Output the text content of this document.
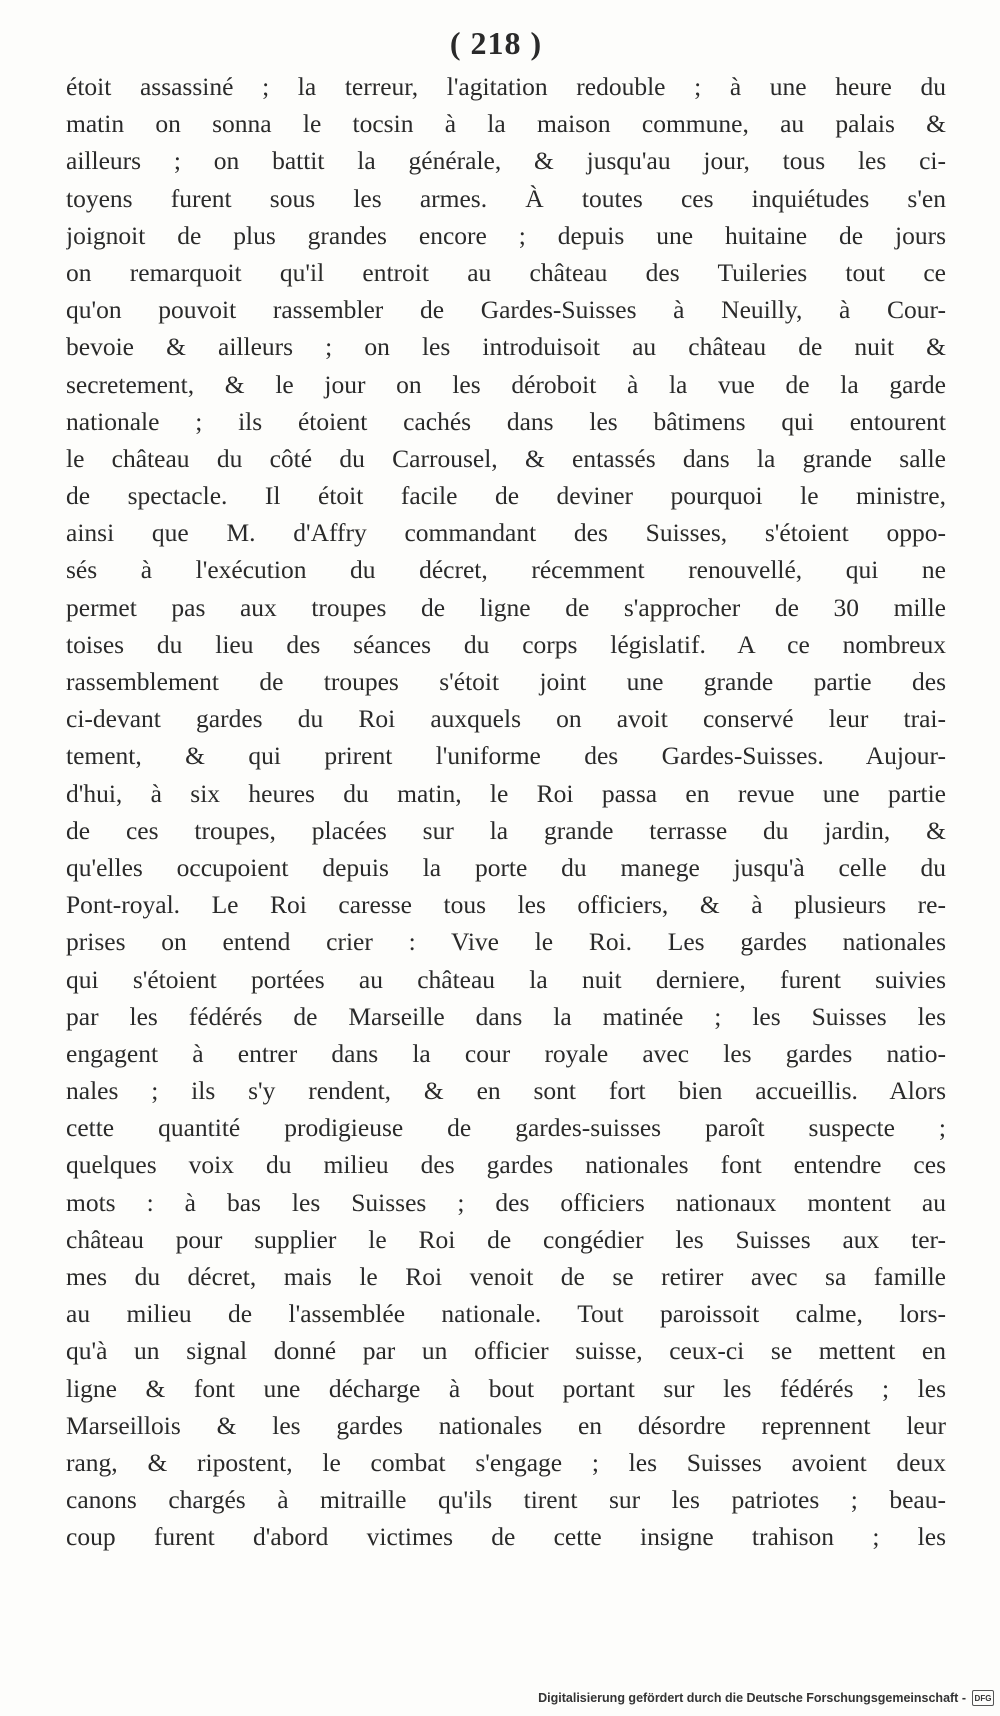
( 218 )
étoit assassiné ; la terreur, l'agitation redouble ; à une heure du
matin on sonna le tocsin à la maison commune, au palais &
ailleurs ; on battit la générale, & jusqu'au jour, tous les ci-
toyens furent sous les armes. À toutes ces inquiétudes s'en
joignoit de plus grandes encore ; depuis une huitaine de jours
on remarquoit qu'il entroit au château des Tuileries tout ce
qu'on pouvoit rassembler de Gardes-Suisses à Neuilly, à Cour-
bevoie & ailleurs ; on les introduisoit au château de nuit &
secretement, & le jour on les déroboit à la vue de la garde
nationale ; ils étoient cachés dans les bâtimens qui entourent
le château du côté du Carrousel, & entassés dans la grande salle
de spectacle. Il étoit facile de deviner pourquoi le ministre,
ainsi que M. d'Affry commandant des Suisses, s'étoient oppo-
sés à l'exécution du décret, récemment renouvellé, qui ne
permet pas aux troupes de ligne de s'approcher de 30 mille
toises du lieu des séances du corps législatif. A ce nombreux
rassemblement de troupes s'étoit joint une grande partie des
ci-devant gardes du Roi auxquels on avoit conservé leur trai-
tement, & qui prirent l'uniforme des Gardes-Suisses. Aujour-
d'hui, à six heures du matin, le Roi passa en revue une partie
de ces troupes, placées sur la grande terrasse du jardin, &
qu'elles occupoient depuis la porte du manege jusqu'à celle du
Pont-royal. Le Roi caresse tous les officiers, & à plusieurs re-
prises on entend crier : Vive le Roi. Les gardes nationales
qui s'étoient portées au château la nuit derniere, furent suivies
par les fédérés de Marseille dans la matinée ; les Suisses les
engagent à entrer dans la cour royale avec les gardes natio-
nales ; ils s'y rendent, & en sont fort bien accueillis. Alors
cette quantité prodigieuse de gardes-suisses paroît suspecte ;
quelques voix du milieu des gardes nationales font entendre ces
mots : à bas les Suisses ; des officiers nationaux montent au
château pour supplier le Roi de congédier les Suisses aux ter-
mes du décret, mais le Roi venoit de se retirer avec sa famille
au milieu de l'assemblée nationale. Tout paroissoit calme, lors-
qu'à un signal donné par un officier suisse, ceux-ci se mettent en
ligne & font une décharge à bout portant sur les fédérés ; les
Marseillois & les gardes nationales en désordre reprennent leur
rang, & ripostent, le combat s'engage ; les Suisses avoient deux
canons chargés à mitraille qu'ils tirent sur les patriotes ; beau-
coup furent d'abord victimes de cette insigne trahison ; les
Digitalisierung gefördert durch die Deutsche Forschungsgemeinschaft -	DFG
